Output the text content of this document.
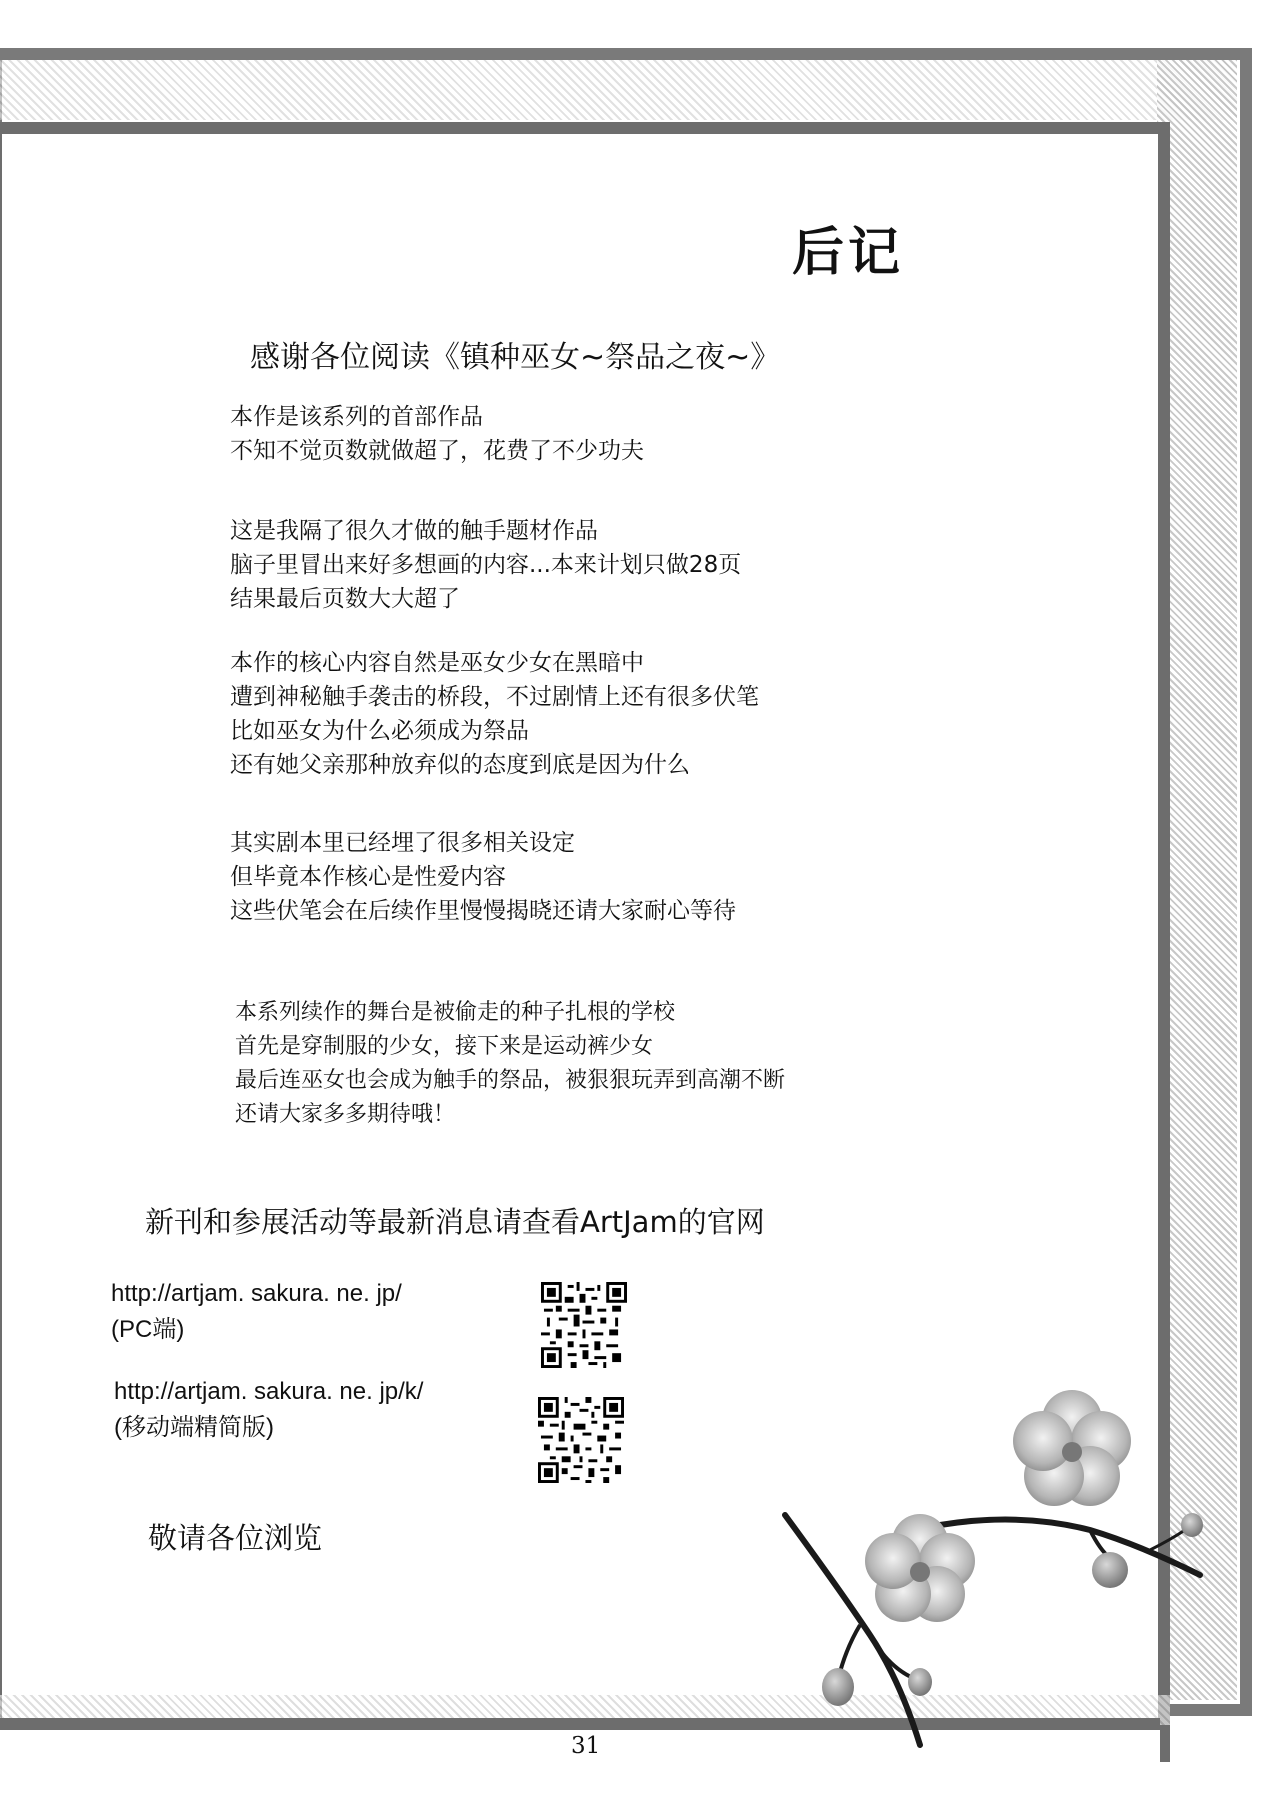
后记
感谢各位阅读《镇种巫女~祭品之夜~》
本作是该系列的首部作品
不知不觉页数就做超了，花费了不少功夫
这是我隔了很久才做的触手题材作品
脑子里冒出来好多想画的内容...本来计划只做28页
结果最后页数大大超了
本作的核心内容自然是巫女少女在黑暗中
遭到神秘触手袭击的桥段，不过剧情上还有很多伏笔
比如巫女为什么必须成为祭品
还有她父亲那种放弃似的态度到底是因为什么
其实剧本里已经埋了很多相关设定
但毕竟本作核心是性爱内容
这些伏笔会在后续作里慢慢揭晓还请大家耐心等待
本系列续作的舞台是被偷走的种子扎根的学校
首先是穿制服的少女，接下来是运动裤少女
最后连巫女也会成为触手的祭品，被狠狠玩弄到高潮不断
还请大家多多期待哦！
新刊和参展活动等最新消息请查看ArtJam的官网
http://artjam. sakura. ne. jp/
(PC端)
http://artjam. sakura. ne. jp/k/
(移动端精简版)
敬请各位浏览
31
